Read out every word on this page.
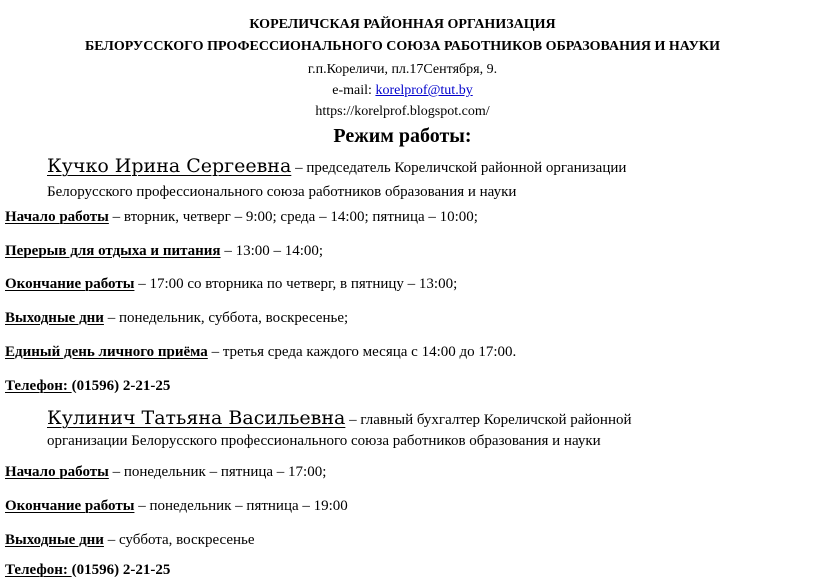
КОРЕЛИЧСКАЯ РАЙОННАЯ ОРГАНИЗАЦИЯ
БЕЛОРУССКОГО ПРОФЕССИОНАЛЬНОГО СОЮЗА РАБОТНИКОВ ОБРАЗОВАНИЯ И НАУКИ
г.п.Кореличи, пл.17Сентября, 9.
e-mail: korelprof@tut.by
https://korelprof.blogspot.com/
Режим работы:
Кучко Ирина Сергеевна – председатель Кореличской районной организации
Белорусского профессионального союза работников образования и науки
Начало работы – вторник, четверг – 9:00; среда – 14:00; пятница – 10:00;
Перерыв для отдыха и питания – 13:00 – 14:00;
Окончание работы – 17:00 со вторника по четверг, в пятницу – 13:00;
Выходные дни – понедельник, суббота, воскресенье;
Единый день личного приёма – третья среда каждого месяца с 14:00 до 17:00.
Телефон: (01596) 2-21-25
Кулинич Татьяна Васильевна – главный бухгалтер Кореличской районной
организации Белорусского профессионального союза работников образования и науки
Начало работы – понедельник – пятница – 17:00;
Окончание работы – понедельник – пятница – 19:00
Выходные дни – суббота, воскресенье
Телефон: (01596) 2-21-25
